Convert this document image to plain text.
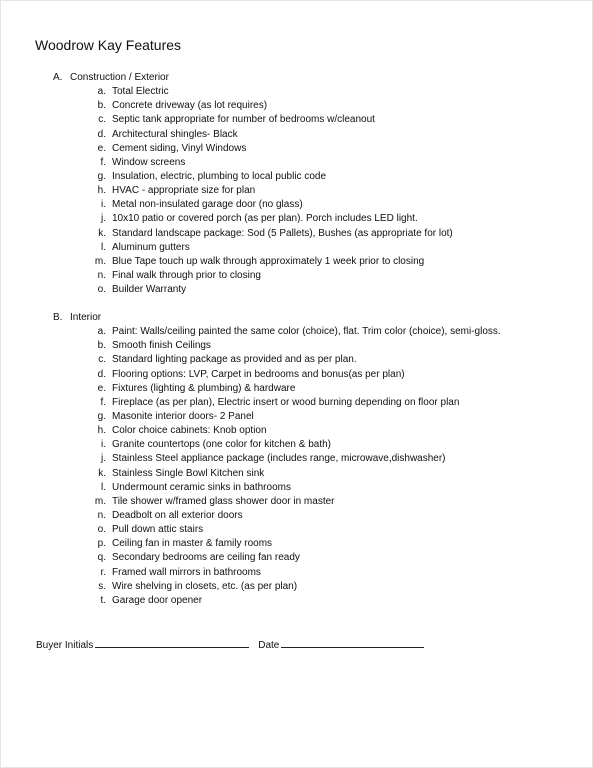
Woodrow Kay Features
A. Construction / Exterior
a. Total Electric
b. Concrete driveway (as lot requires)
c. Septic tank appropriate for number of bedrooms w/cleanout
d. Architectural shingles- Black
e. Cement siding, Vinyl Windows
f. Window screens
g. Insulation, electric, plumbing to local public code
h. HVAC - appropriate size for plan
i. Metal non-insulated garage door (no glass)
j. 10x10 patio or covered porch (as per plan). Porch includes LED light.
k. Standard landscape package: Sod (5 Pallets), Bushes (as appropriate for lot)
l. Aluminum gutters
m. Blue Tape touch up walk through approximately 1 week prior to closing
n. Final walk through prior to closing
o. Builder Warranty
B. Interior
a. Paint: Walls/ceiling painted the same color (choice), flat. Trim color (choice), semi-gloss.
b. Smooth finish Ceilings
c. Standard lighting package as provided and as per plan.
d. Flooring options: LVP, Carpet in bedrooms and bonus(as per plan)
e. Fixtures (lighting & plumbing) & hardware
f. Fireplace (as per plan), Electric insert or wood burning depending on floor plan
g. Masonite interior doors- 2 Panel
h. Color choice cabinets: Knob option
i. Granite countertops (one color for kitchen & bath)
j. Stainless Steel appliance package (includes range, microwave,dishwasher)
k. Stainless Single Bowl Kitchen sink
l. Undermount ceramic sinks in bathrooms
m. Tile shower w/framed glass shower door in master
n. Deadbolt on all exterior doors
o. Pull down attic stairs
p. Ceiling fan in master & family rooms
q. Secondary bedrooms are ceiling fan ready
r. Framed wall mirrors in bathrooms
s. Wire shelving in closets, etc. (as per plan)
t. Garage door opener
Buyer Initials	Date
